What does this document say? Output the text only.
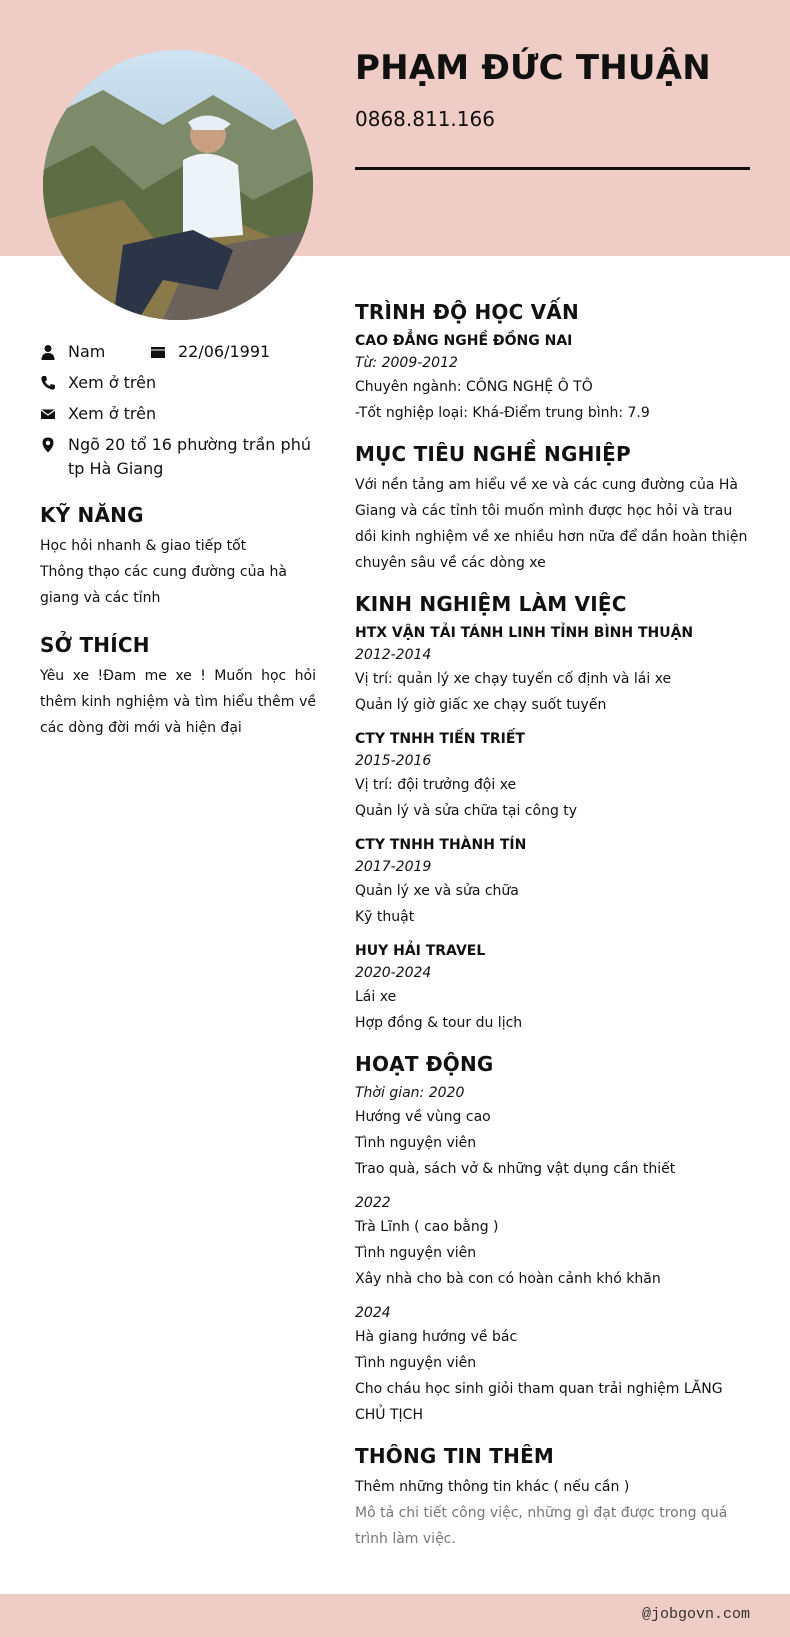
PHẠM ĐỨC THUẬN
0868.811.166
Nam	22/06/1991
Xem ở trên
Xem ở trên
Ngõ 20 tổ 16 phường trần phú tp Hà Giang
KỸ NĂNG

Học hỏi nhanh & giao tiếp tốt

Thông thạo các cung đường của hà giang và các tỉnh

SỞ THÍCH

Yêu xe !Đam me xe ! Muốn học hỏi thêm kinh nghiệm và tìm hiểu thêm về các dòng đời mới và hiện đại

TRÌNH ĐỘ HỌC VẤN
CAO ĐẲNG NGHỀ ĐỒNG NAI
Từ: 2009-2012
Chuyên ngành: CÔNG NGHỆ Ô TÔ
-Tốt nghiệp loại: Khá-Điểm trung bình: 7.9
MỤC TIÊU NGHỀ NGHIỆP
Với nền tảng am hiểu về xe và các cung đường của Hà Giang và các tỉnh tôi muốn mình được học hỏi và trau dồi kinh nghiệm về xe nhiều hơn nữa để dần hoàn thiện chuyên sâu về các dòng xe
KINH NGHIỆM LÀM VIỆC
HTX VẬN TẢI TÁNH LINH TỈNH BÌNH THUẬN
2012-2014
Vị trí: quản lý xe chạy tuyến cố định và lái xe
Quản lý giờ giấc xe chạy suốt tuyến
CTY TNHH TIẾN TRIẾT
2015-2016
Vị trí: đội trưởng đội xe
Quản lý và sửa chữa tại công ty
CTY TNHH THÀNH TÍN
2017-2019
Quản lý xe và sửa chữa
Kỹ thuật
HUY HẢI TRAVEL
2020-2024
Lái xe
Hợp đồng & tour du lịch
HOẠT ĐỘNG
Thời gian: 2020
Hướng về vùng cao
Tình nguyện viên
Trao quà, sách vở & những vật dụng cần thiết
2022
Trà Lĩnh ( cao bằng )
Tình nguyện viên
Xây nhà cho bà con có hoàn cảnh khó khăn
2024
Hà giang hướng về bác
Tình nguyện viên
Cho cháu học sinh giỏi tham quan trải nghiệm LĂNG CHỦ TỊCH
THÔNG TIN THÊM
Thêm những thông tin khác ( nếu cần )
Mô tả chi tiết công việc, những gì đạt được trong quá trình làm việc.
@jobgovn.com
